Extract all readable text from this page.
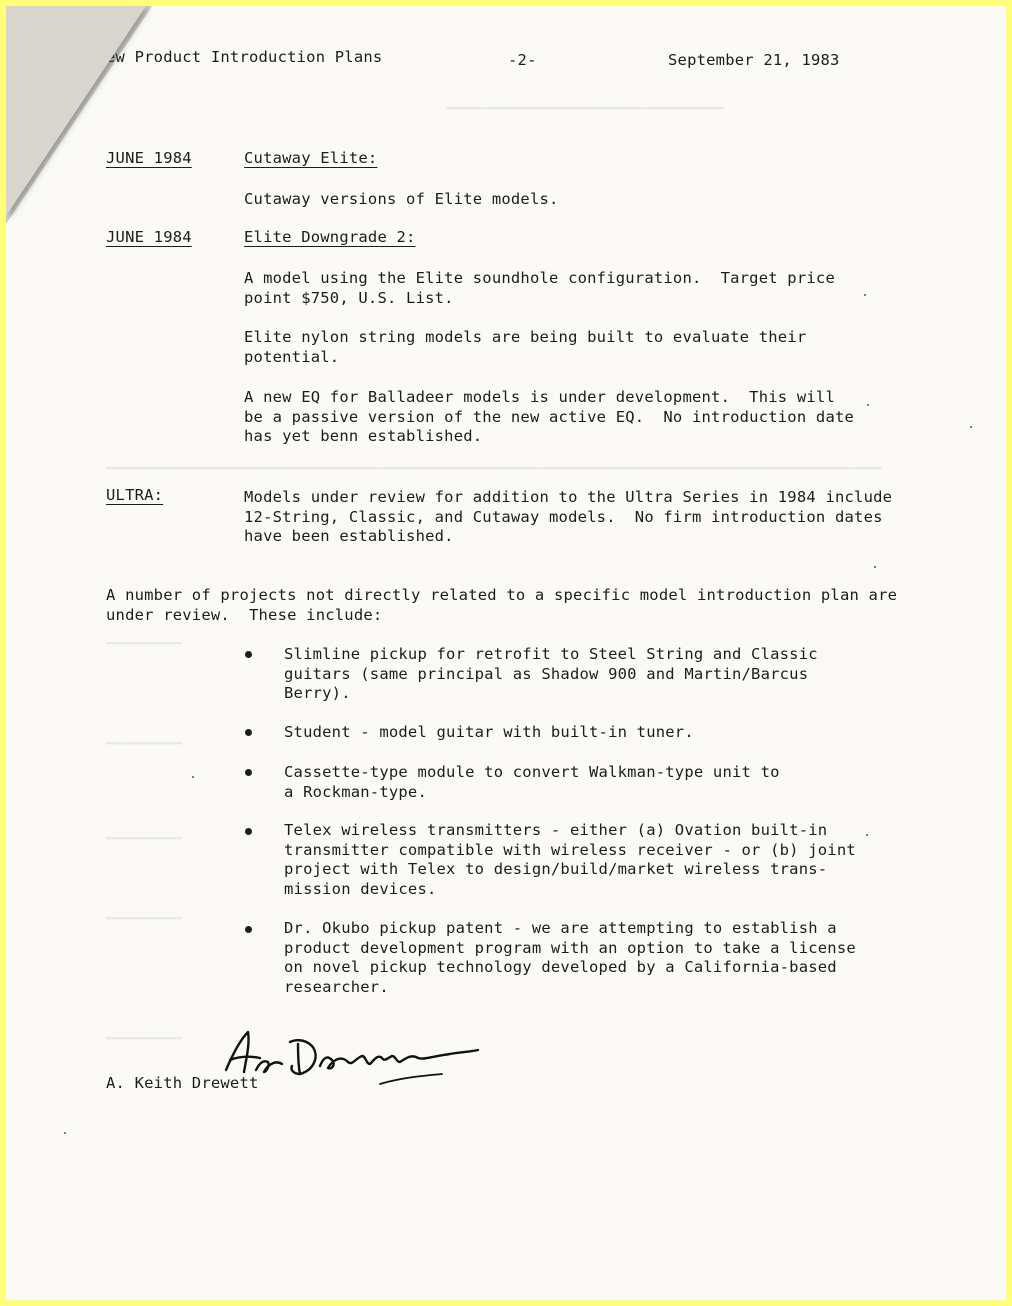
━━━━━━━━━━━━━━━━━━━━━━━━━━━━━━━━━
━━━━━━━━━━━━━━━━━━━━━━━━━━━━━━━━━━━━━━━━━━━━━━━━━━━━━━━━━━━━━━━━━━━━━━━━━━━━━━━━━━━━━━━━━━━━
━━━━━━━━━
━━━━━━━━━
━━━━━━━━━
━━━━━━━━━
━━━━━━━━━

ew Product Introduction Plans	-2-	September 21, 1983

JUNE 1984	Cutaway Elite:

Cutaway versions of Elite models.

JUNE 1984	Elite Downgrade 2:

A model using the Elite soundhole configuration.  Target price
point $750, U.S. List.

Elite nylon string models are being built to evaluate their
potential.

A new EQ for Balladeer models is under development.  This will
be a passive version of the new active EQ.  No introduction date
has yet benn established.

ULTRA:	Models under review for addition to the Ultra Series in 1984 include
12-String, Classic, and Cutaway models.  No firm introduction dates
have been established.

A number of projects not directly related to a specific model introduction plan are
under review.  These include:

Slimline pickup for retrofit to Steel String and Classic
guitars (same principal as Shadow 900 and Martin/Barcus
Berry).

Student - model guitar with built-in tuner.

Cassette-type module to convert Walkman-type unit to
a Rockman-type.

Telex wireless transmitters - either (a) Ovation built-in
transmitter compatible with wireless receiver - or (b) joint
project with Telex to design/build/market wireless trans-
mission devices.

Dr. Okubo pickup patent - we are attempting to establish a
product development program with an option to take a license
on novel pickup technology developed by a California-based
researcher.

A. Keith Drewett
